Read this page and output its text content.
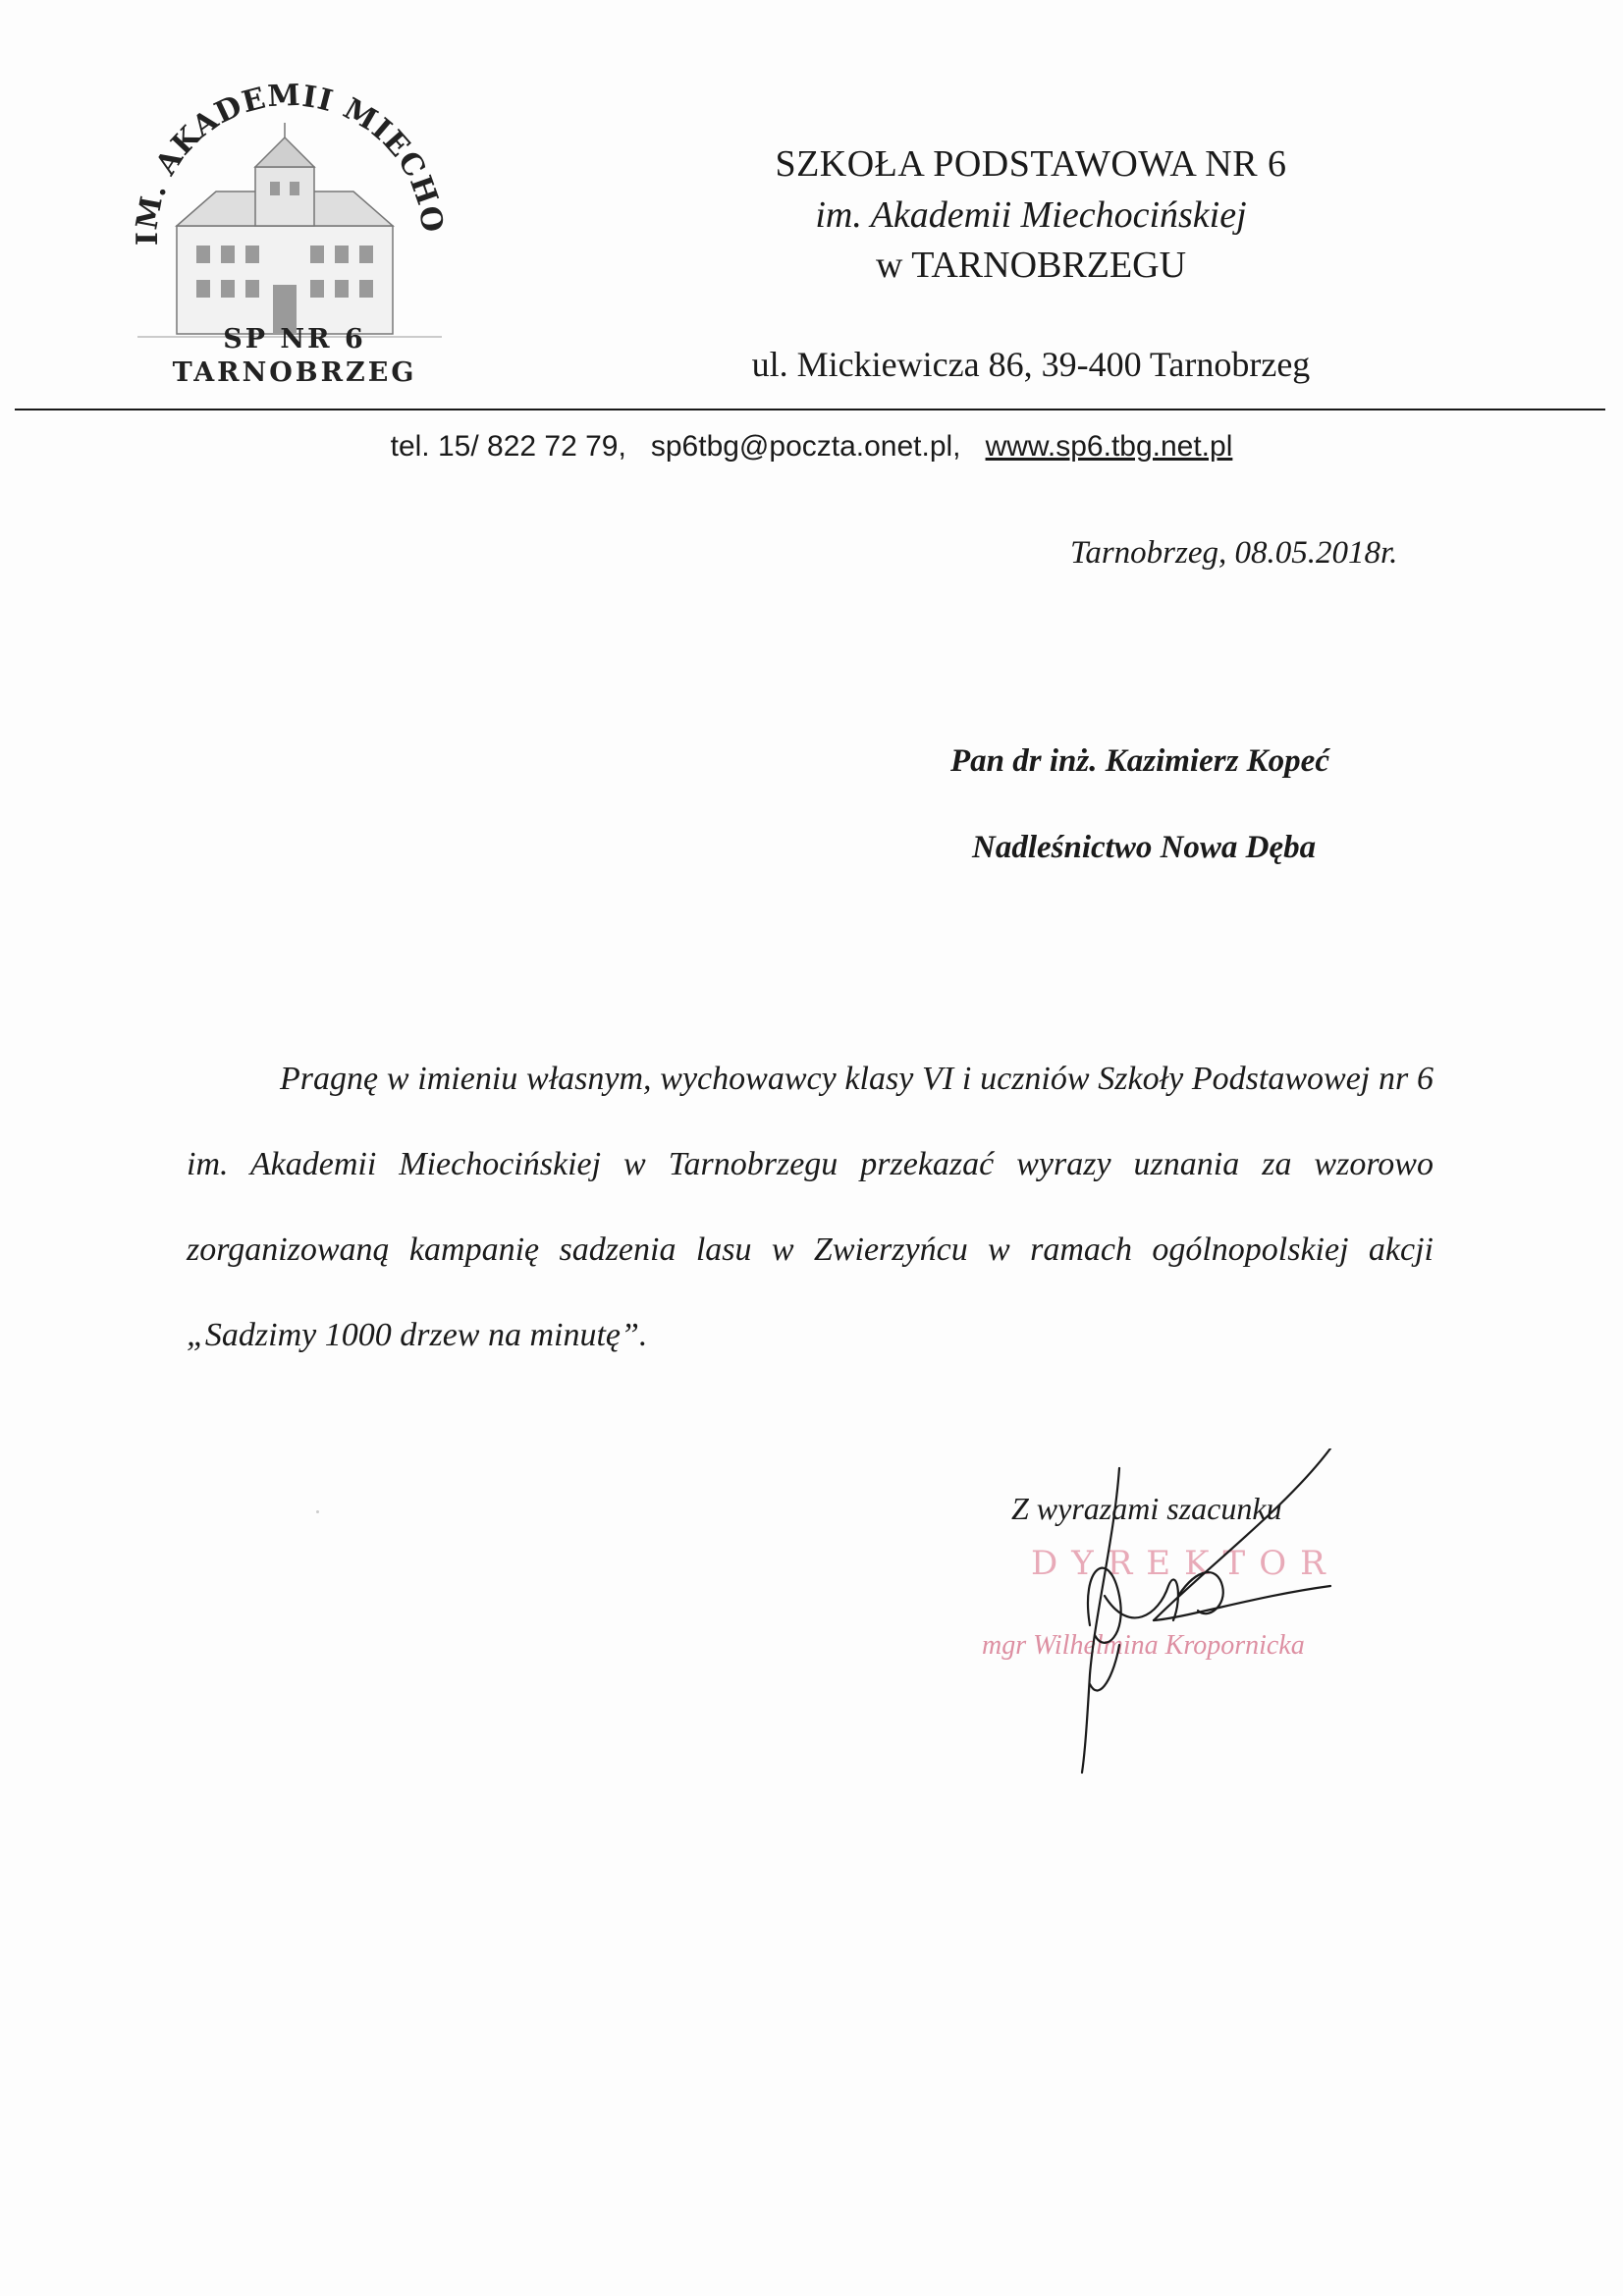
IM. AKADEMII MIECHO
SP NR 6
TARNOBRZEG
SZKOŁA PODSTAWOWA NR 6
im. Akademii Miechocińskiej
w TARNOBRZEGU
ul. Mickiewicza 86, 39-400 Tarnobrzeg
tel. 15/ 822 72 79, sp6tbg@poczta.onet.pl, www.sp6.tbg.net.pl
Tarnobrzeg, 08.05.2018r.
Pan dr inż. Kazimierz Kopeć
Nadleśnictwo Nowa Dęba
Pragnę w imieniu własnym, wychowawcy klasy VI i uczniów Szkoły Podstawowej nr 6 im. Akademii Miechocińskiej w Tarnobrzegu przekazać wyrazy uznania za wzorowo zorganizowaną kampanię sadzenia lasu w Zwierzyńcu w ramach ogólnopolskiej akcji „Sadzimy 1000 drzew na minutę”.
Z wyrazami szacunku
DYREKTOR
mgr Wilhelmina Kropornicka
